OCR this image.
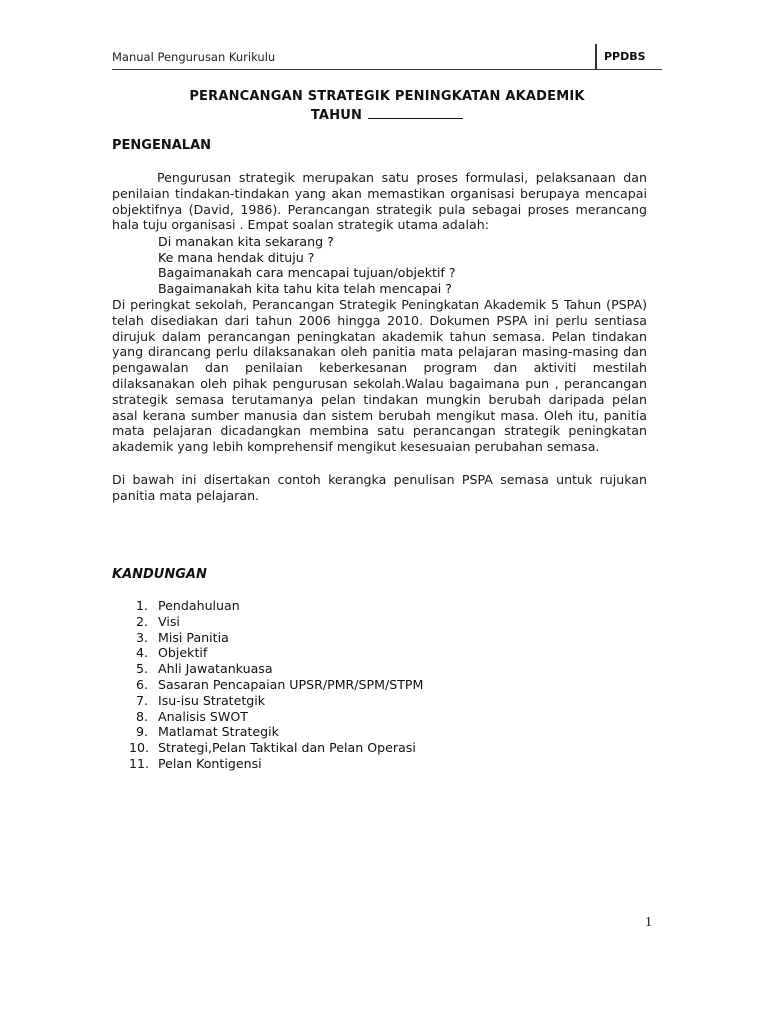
Manual Pengurusan Kurikulu	PPDBS
PERANCANGAN STRATEGIK PENINGKATAN AKADEMIK
TAHUN
PENGENALAN
Pengurusan strategik merupakan satu proses formulasi, pelaksanaan dan penilaian tindakan-tindakan yang akan memastikan organisasi berupaya mencapai objektifnya (David, 1986). Perancangan strategik pula sebagai proses merancang hala tuju organisasi . Empat soalan strategik utama adalah:
Di manakan kita sekarang ?
Ke mana hendak dituju ?
Bagaimanakah cara mencapai tujuan/objektif ?
Bagaimanakah kita tahu kita telah mencapai ?
Di peringkat sekolah, Perancangan Strategik Peningkatan Akademik 5 Tahun (PSPA) telah disediakan dari tahun 2006 hingga 2010. Dokumen PSPA ini perlu sentiasa dirujuk dalam perancangan peningkatan akademik tahun semasa. Pelan tindakan yang dirancang perlu dilaksanakan oleh panitia mata pelajaran masing-masing dan pengawalan dan penilaian keberkesanan program dan aktiviti mestilah dilaksanakan oleh pihak pengurusan sekolah.Walau bagaimana pun , perancangan strategik semasa terutamanya pelan tindakan mungkin berubah daripada pelan asal kerana sumber manusia dan sistem berubah mengikut masa. Oleh itu, panitia mata pelajaran dicadangkan membina satu perancangan strategik peningkatan akademik yang lebih komprehensif mengikut kesesuaian perubahan semasa.
Di bawah ini disertakan contoh kerangka penulisan PSPA semasa untuk rujukan panitia mata pelajaran.
KANDUNGAN
1. Pendahuluan
2. Visi
3. Misi Panitia
4. Objektif
5. Ahli Jawatankuasa
6. Sasaran Pencapaian UPSR/PMR/SPM/STPM
7. Isu-isu Stratetgik
8. Analisis SWOT
9. Matlamat Strategik
10. Strategi,Pelan Taktikal dan Pelan Operasi
11. Pelan Kontigensi
1
